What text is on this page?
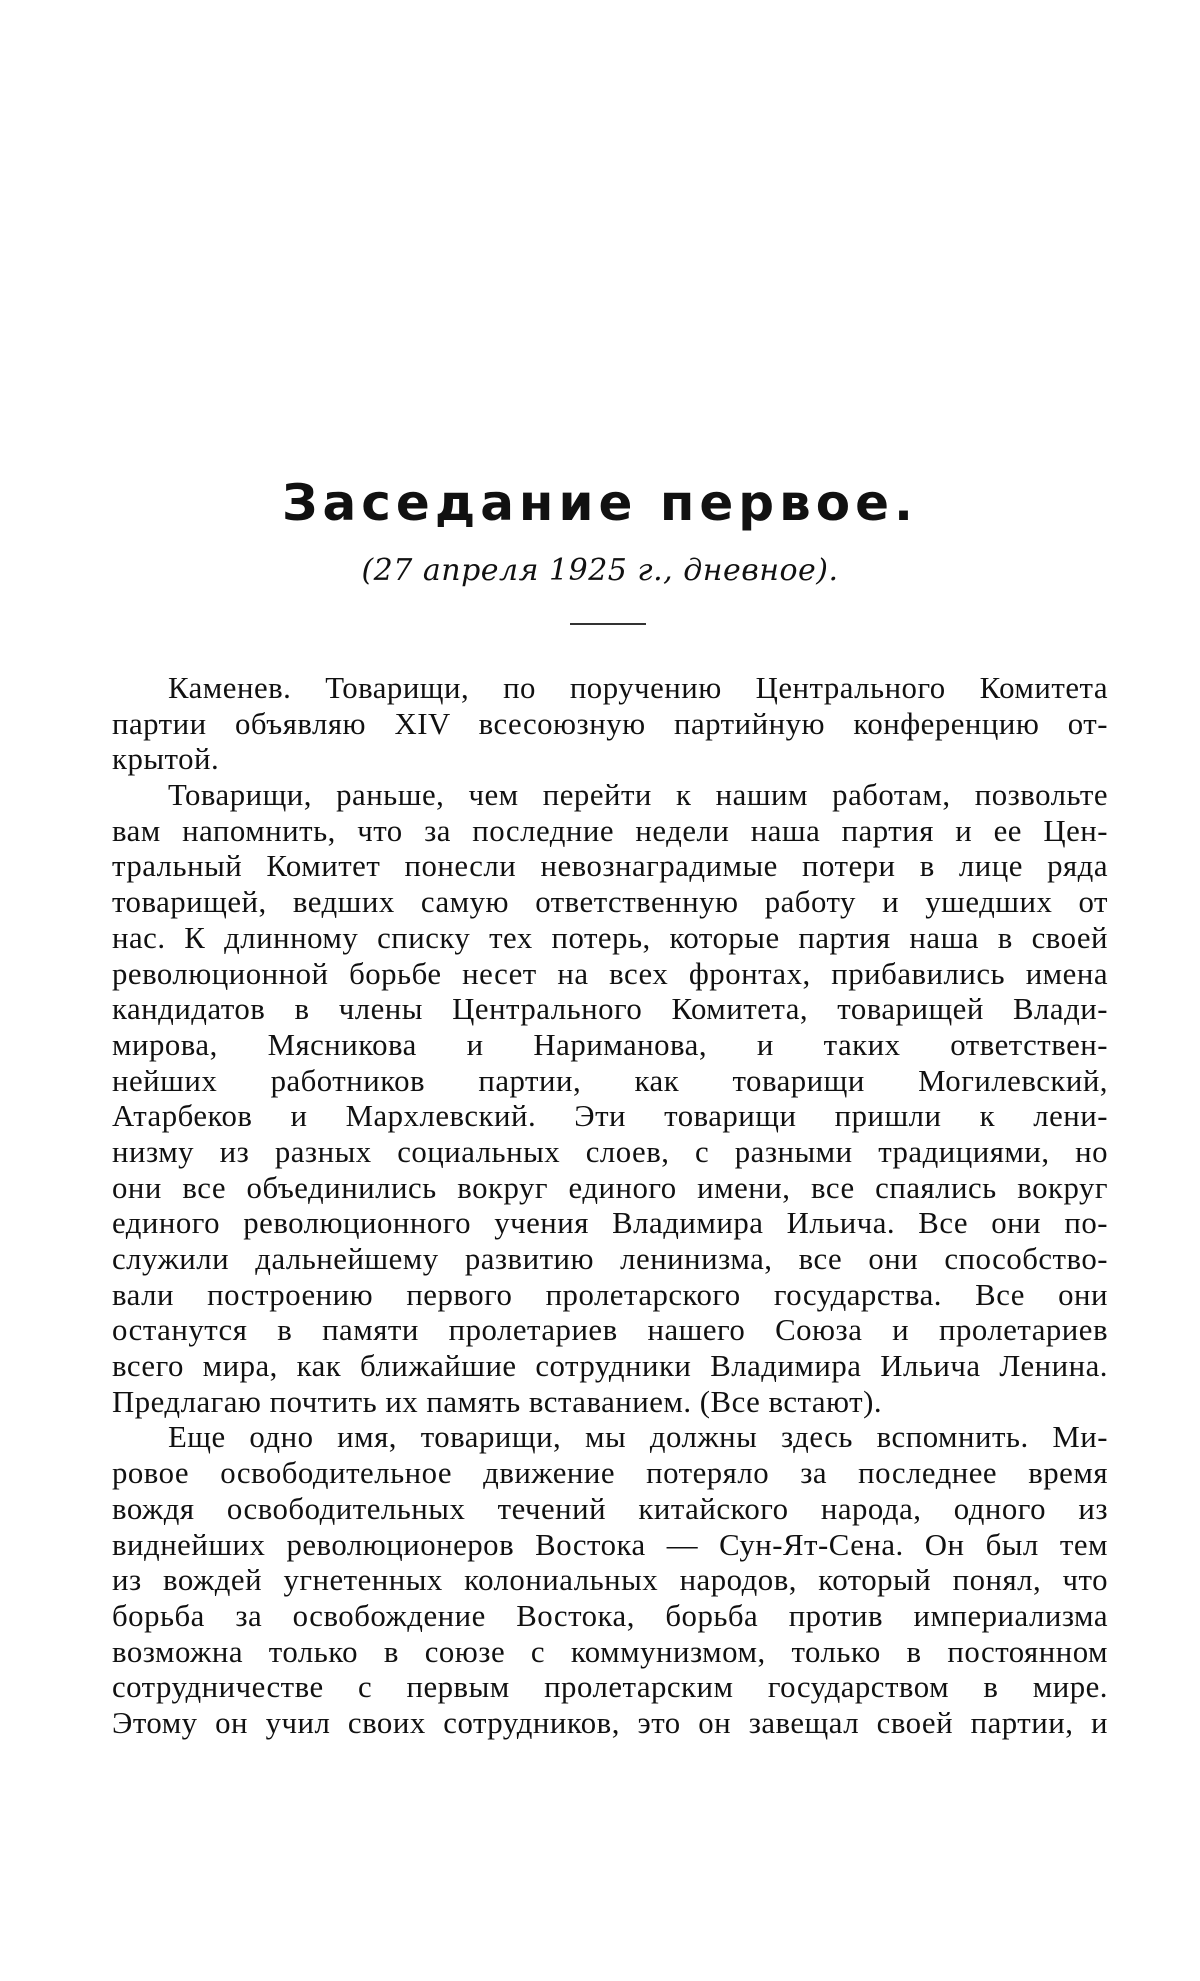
Заседание первое.
(27 апреля 1925 г., дневное).
Каменев. Товарищи, по поручению Центрального Комитета
партии объявляю XIV всесоюзную партийную конференцию от-
крытой.
Товарищи, раньше, чем перейти к нашим работам, позвольте
вам напомнить, что за последние недели наша партия и ее Цен-
тральный Комитет понесли невознаградимые потери в лице ряда
товарищей, ведших самую ответственную работу и ушедших от
нас. К длинному списку тех потерь, которые партия наша в своей
революционной борьбе несет на всех фронтах, прибавились имена
кандидатов в члены Центрального Комитета, товарищей Влади-
мирова, Мясникова и Нариманова, и таких ответствен-
нейших работников партии, как товарищи Могилевский,
Атарбеков и Мархлевский. Эти товарищи пришли к лени-
низму из разных социальных слоев, с разными традициями, но
они все объединились вокруг единого имени, все спаялись вокруг
единого революционного учения Владимира Ильича. Все они по-
служили дальнейшему развитию ленинизма, все они способство-
вали построению первого пролетарского государства. Все они
останутся в памяти пролетариев нашего Союза и пролетариев
всего мира, как ближайшие сотрудники Владимира Ильича Ленина.
Предлагаю почтить их память вставанием. (Все встают).
Еще одно имя, товарищи, мы должны здесь вспомнить. Ми-
ровое освободительное движение потеряло за последнее время
вождя освободительных течений китайского народа, одного из
виднейших революционеров Востока — Сун-Ят-Сена. Он был тем
из вождей угнетенных колониальных народов, который понял, что
борьба за освобождение Востока, борьба против империализма
возможна только в союзе с коммунизмом, только в постоянном
сотрудничестве с первым пролетарским государством в мире.
Этому он учил своих сотрудников, это он завещал своей партии, и
